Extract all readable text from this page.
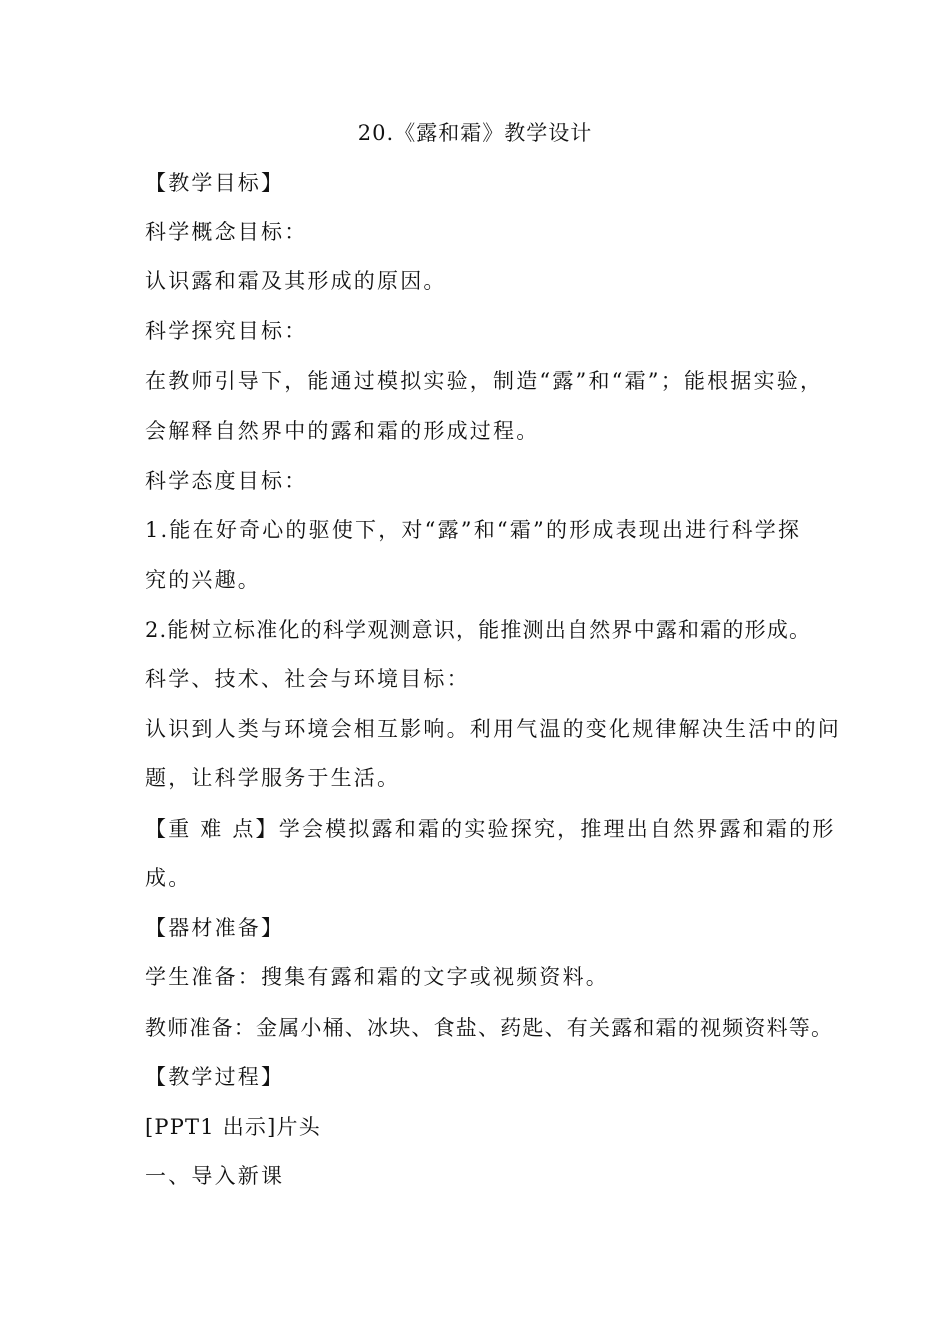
20.《露和霜》教学设计
【教学目标】
科学概念目标：
认识露和霜及其形成的原因。
科学探究目标：
在教师引导下，能通过模拟实验，制造“露”和“霜”；能根据实验，
会解释自然界中的露和霜的形成过程。
科学态度目标：
1.能在好奇心的驱使下，对“露”和“霜”的形成表现出进行科学探
究的兴趣。
2.能树立标准化的科学观测意识，能推测出自然界中露和霜的形成。
科学、技术、社会与环境目标：
认识到人类与环境会相互影响。利用气温的变化规律解决生活中的问
题，让科学服务于生活。
【重 难 点】学会模拟露和霜的实验探究，推理出自然界露和霜的形
成。
【器材准备】
学生准备：搜集有露和霜的文字或视频资料。
教师准备：金属小桶、冰块、食盐、药匙、有关露和霜的视频资料等。
【教学过程】
[PPT1 出示]片头
一、导入新课
